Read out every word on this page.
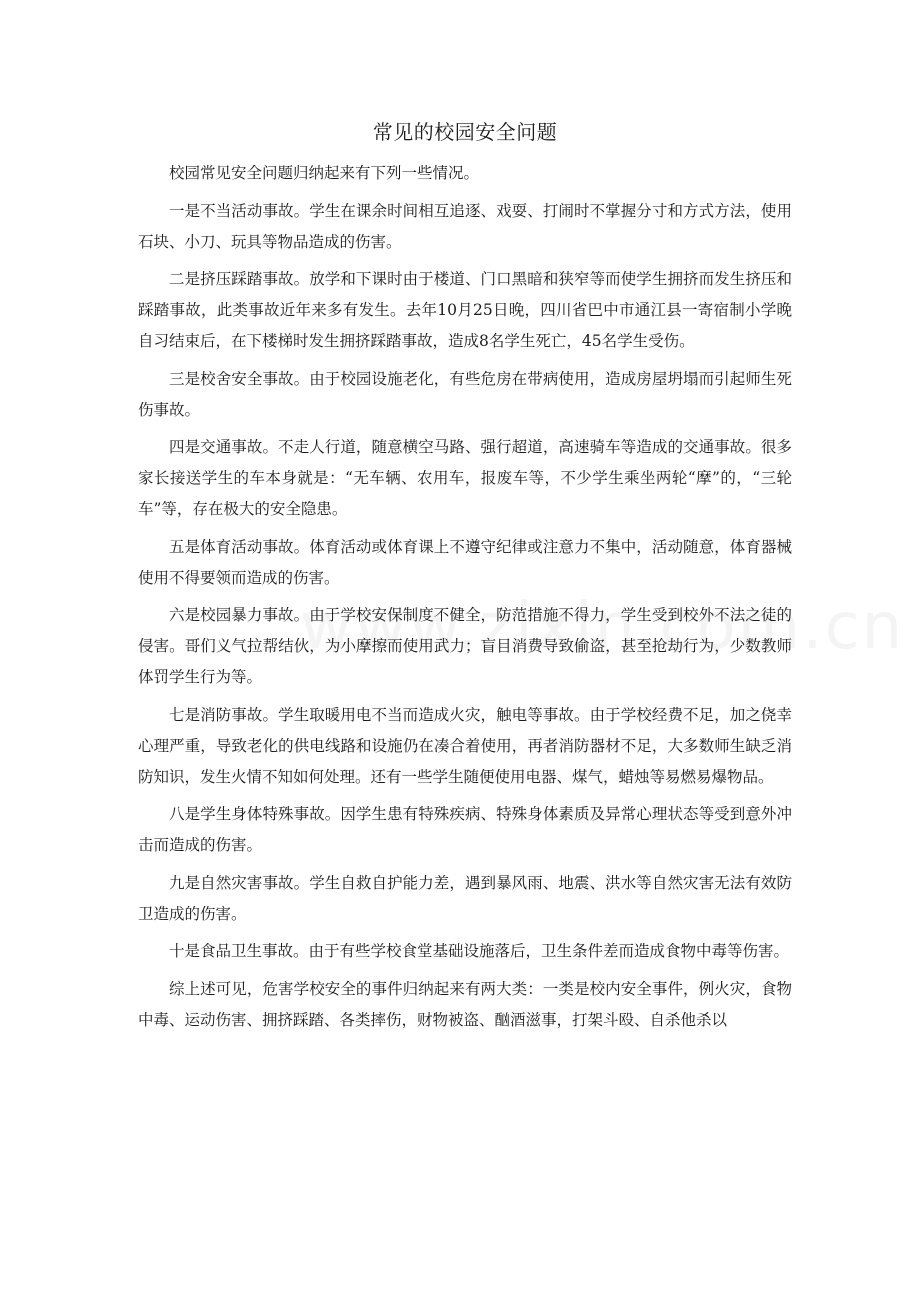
常见的校园安全问题

校园常见安全问题归纳起来有下列一些情况。

一是不当活动事故。学生在课余时间相互追逐、戏耍、打闹时不掌握分寸和方式方法，使用石块、小刀、玩具等物品造成的伤害。

二是挤压踩踏事故。放学和下课时由于楼道、门口黑暗和狭窄等而使学生拥挤而发生挤压和踩踏事故，此类事故近年来多有发生。去年10月25日晚，四川省巴中市通江县一寄宿制小学晚自习结束后，在下楼梯时发生拥挤踩踏事故，造成8名学生死亡，45名学生受伤。

三是校舍安全事故。由于校园设施老化，有些危房在带病使用，造成房屋坍塌而引起师生死伤事故。

四是交通事故。不走人行道，随意横空马路、强行超道，高速骑车等造成的交通事故。很多家长接送学生的车本身就是：“无车辆、农用车，报废车等，不少学生乘坐两轮“摩”的，“三轮车”等，存在极大的安全隐患。

五是体育活动事故。体育活动或体育课上不遵守纪律或注意力不集中，活动随意，体育器械使用不得要领而造成的伤害。

六是校园暴力事故。由于学校安保制度不健全，防范措施不得力，学生受到校外不法之徒的侵害。哥们义气拉帮结伙，为小摩擦而使用武力；盲目消费导致偷盗，甚至抢劫行为，少数教师体罚学生行为等。

七是消防事故。学生取暖用电不当而造成火灾，触电等事故。由于学校经费不足，加之侥幸心理严重，导致老化的供电线路和设施仍在凑合着使用，再者消防器材不足，大多数师生缺乏消防知识，发生火情不知如何处理。还有一些学生随便使用电器、煤气，蜡烛等易燃易爆物品。

八是学生身体特殊事故。因学生患有特殊疾病、特殊身体素质及异常心理状态等受到意外冲击而造成的伤害。

九是自然灾害事故。学生自救自护能力差，遇到暴风雨、地震、洪水等自然灾害无法有效防卫造成的伤害。

十是食品卫生事故。由于有些学校食堂基础设施落后，卫生条件差而造成食物中毒等伤害。

综上述可见，危害学校安全的事件归纳起来有两大类：一类是校内安全事件，例火灾，食物中毒、运动伤害、拥挤踩踏、各类摔伤，财物被盗、酗酒滋事，打架斗殴、自杀他杀以
